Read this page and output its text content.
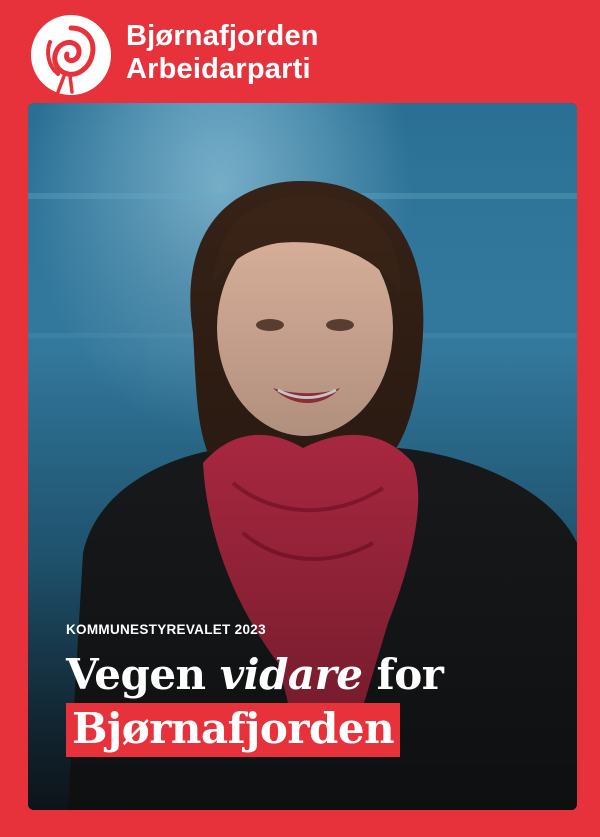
Bjørnafjorden
Arbeidarparti
KOMMUNESTYREVALET 2023
Vegen vidare for
Bjørnafjorden
